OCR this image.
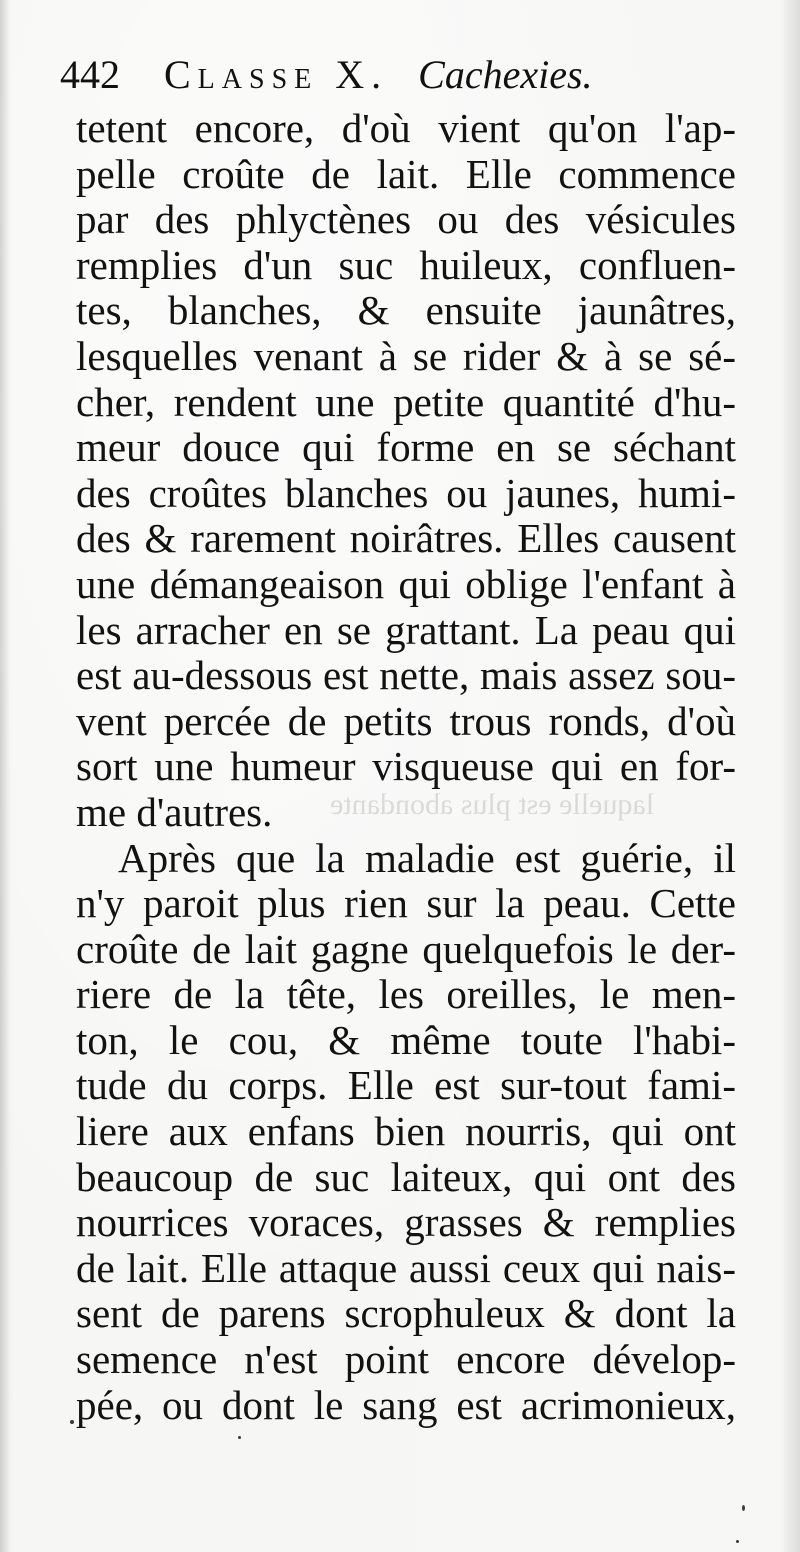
442 Classe X. Cachexies.
laquelle est plus abondante
tetent encore, d'où vient qu'on l'ap-
pelle croûte de lait. Elle commence
par des phlyctènes ou des vésicules
remplies d'un suc huileux, confluen-
tes, blanches, & ensuite jaunâtres,
lesquelles venant à se rider & à se sé-
cher, rendent une petite quantité d'hu-
meur douce qui forme en se séchant
des croûtes blanches ou jaunes, humi-
des & rarement noirâtres. Elles causent
une démangeaison qui oblige l'enfant à
les arracher en se grattant. La peau qui
est au-dessous est nette, mais assez sou-
vent percée de petits trous ronds, d'où
sort une humeur visqueuse qui en for-
me d'autres.
Après que la maladie est guérie, il
n'y paroit plus rien sur la peau. Cette
croûte de lait gagne quelquefois le der-
riere de la tête, les oreilles, le men-
ton, le cou, & même toute l'habi-
tude du corps. Elle est sur-tout fami-
liere aux enfans bien nourris, qui ont
beaucoup de suc laiteux, qui ont des
nourrices voraces, grasses & remplies
de lait. Elle attaque aussi ceux qui nais-
sent de parens scrophuleux & dont la
semence n'est point encore dévelop-
pée, ou dont le sang est acrimonieux,
